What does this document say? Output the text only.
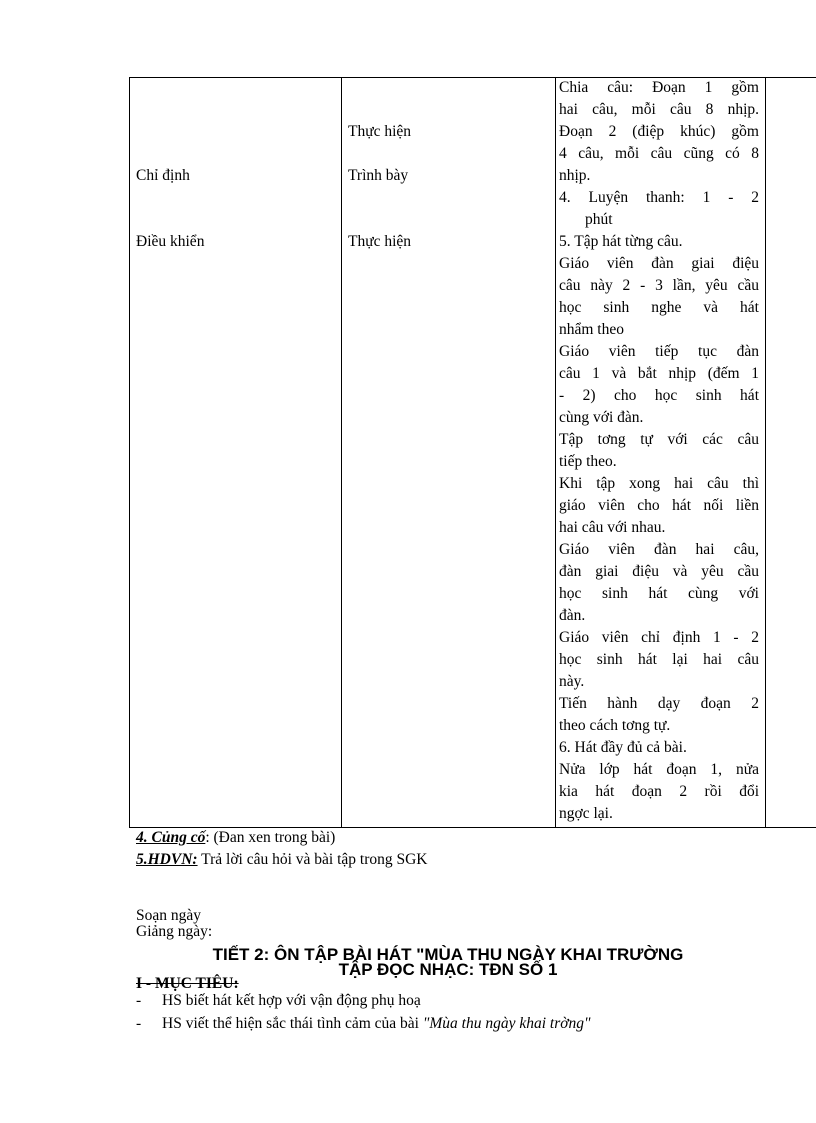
Chỉ định
Điều khiển
Thực hiện
Trình bày
Thực hiện
Chia câu: Đoạn 1 gồm
hai câu, mỗi câu 8 nhịp.
Đoạn 2 (điệp khúc) gồm
4 câu, mỗi câu cũng có 8
nhịp.
4. Luyện thanh: 1 - 2
phút
5. Tập hát từng câu.
Giáo viên đàn giai điệu
câu này 2 - 3 lần, yêu cầu
học sinh nghe và hát
nhẩm theo
Giáo viên tiếp tục đàn
câu 1 và bắt nhịp (đếm 1
- 2) cho học sinh hát
cùng với đàn.
Tập tơng tự với các câu
tiếp theo.
Khi tập xong hai câu thì
giáo viên cho hát nối liền
hai câu với nhau.
Giáo viên đàn hai câu,
đàn giai điệu và yêu cầu
học sinh hát cùng với
đàn.
Giáo viên chỉ định 1 - 2
học sinh hát lại hai câu
này.
Tiến hành dạy đoạn 2
theo cách tơng tự.
6. Hát đầy đủ cả bài.
Nửa lớp hát đoạn 1, nửa
kia hát đoạn 2 rồi đổi
ngợc lại.
4. Củng cố: (Đan xen trong bài)
5.HDVN: Trả lời câu hỏi và bài tập trong SGK
Soạn ngày
Giảng ngày:
TIẾT 2: ÔN TẬP BÀI HÁT "MÙA THU NGÀY KHAI TRƯỜNG
TẬP ĐỌC NHẠC: TĐN SỐ 1
I - MỤC TIÊU:
- HS biết hát kết hợp với vận động phụ hoạ
- HS viết thể hiện sắc thái tình cảm của bài "Mùa thu ngày khai trờng"
